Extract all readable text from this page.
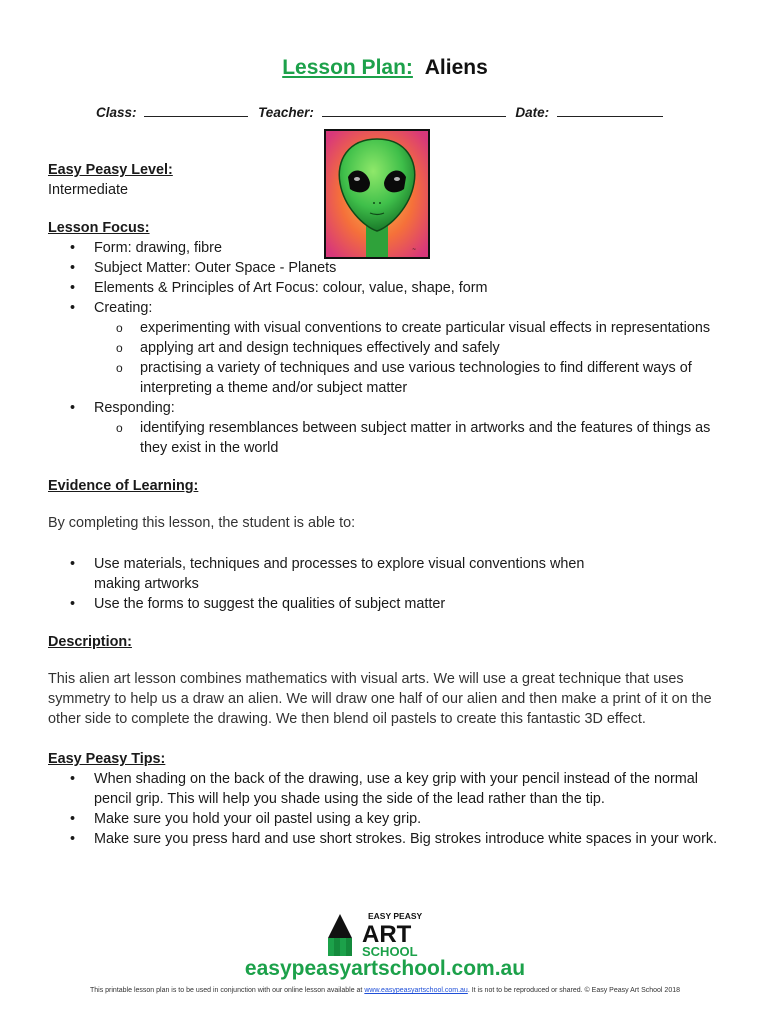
Lesson Plan: Aliens
Class:	Teacher:	Date:
~
Easy Peasy Level:
Intermediate
Lesson Focus:
• Form: drawing, fibre
• Subject Matter: Outer Space - Planets
• Elements & Principles of Art Focus: colour, value, shape, form
• Creating:
o experimenting with visual conventions to create particular visual effects in representations
o applying art and design techniques effectively and safely
o practising a variety of techniques and use various technologies to find different ways of interpreting a theme and/or subject matter
• Responding:
o identifying resemblances between subject matter in artworks and the features of things as they exist in the world
Evidence of Learning:
By completing this lesson, the student is able to:
• Use materials, techniques and processes to explore visual conventions when making artworks
• Use the forms to suggest the qualities of subject matter
Description:
This alien art lesson combines mathematics with visual arts. We will use a great technique that uses symmetry to help us a draw an alien. We will draw one half of our alien and then make a print of it on the other side to complete the drawing. We then blend oil pastels to create this fantastic 3D effect.
Easy Peasy Tips:
• When shading on the back of the drawing, use a key grip with your pencil instead of the normal pencil grip. This will help you shade using the side of the lead rather than the tip.
• Make sure you hold your oil pastel using a key grip.
• Make sure you press hard and use short strokes. Big strokes introduce white spaces in your work.
EASY PEASY
ART
SCHOOL
easypeasyartschool.com.au
This printable lesson plan is to be used in conjunction with our online lesson available at www.easypeasyartschool.com.au. It is not to be reproduced or shared. © Easy Peasy Art School 2018
